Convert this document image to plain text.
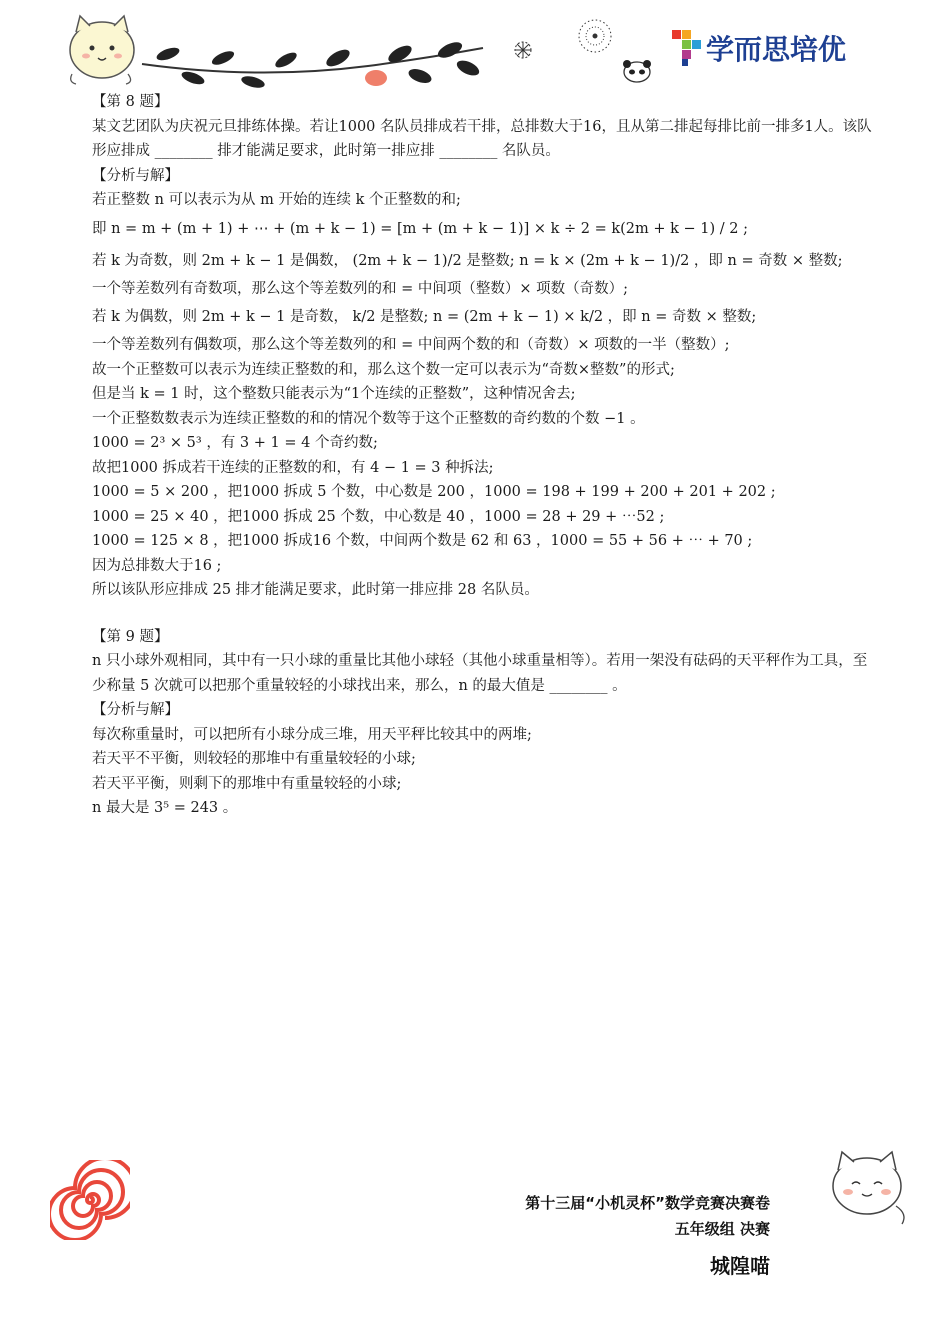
学而思培优

【第 8 题】

某文艺团队为庆祝元旦排练体操。若让1000 名队员排成若干排，总排数大于16，且从第二排起每排比前一排多1人。该队形应排成 ________ 排才能满足要求，此时第一排应排 ________ 名队员。

【分析与解】

若正整数 n 可以表示为从 m 开始的连续 k 个正整数的和;

即 n = m + (m + 1) + ⋯ + (m + k − 1) = [m + (m + k − 1)] × k ÷ 2 = k(2m + k − 1) / 2 ;

若 k 为奇数，则 2m + k − 1 是偶数， (2m + k − 1)/2 是整数; n = k × (2m + k − 1)/2 ，即 n = 奇数 × 整数;

一个等差数列有奇数项，那么这个等差数列的和 = 中间项（整数）× 项数（奇数）;

若 k 为偶数，则 2m + k − 1 是奇数， k/2 是整数; n = (2m + k − 1) × k/2 ，即 n = 奇数 × 整数;

一个等差数列有偶数项，那么这个等差数列的和 = 中间两个数的和（奇数）× 项数的一半（整数）;

故一个正整数可以表示为连续正整数的和，那么这个数一定可以表示为“奇数×整数”的形式;

但是当 k = 1 时，这个整数只能表示为“1个连续的正整数”，这种情况舍去;

一个正整数数表示为连续正整数的和的情况个数等于这个正整数的奇约数的个数 −1 。

1000 = 2³ × 5³ ，有 3 + 1 = 4 个奇约数;

故把1000 拆成若干连续的正整数的和，有 4 − 1 = 3 种拆法;

1000 = 5 × 200 ，把1000 拆成 5 个数，中心数是 200 ，1000 = 198 + 199 + 200 + 201 + 202 ;

1000 = 25 × 40 ，把1000 拆成 25 个数，中心数是 40 ，1000 = 28 + 29 + ⋯52 ;

1000 = 125 × 8 ，把1000 拆成16 个数，中间两个数是 62 和 63 ，1000 = 55 + 56 + ⋯ + 70 ;

因为总排数大于16 ;

所以该队形应排成 25 排才能满足要求，此时第一排应排 28 名队员。

【第 9 题】

n 只小球外观相同，其中有一只小球的重量比其他小球轻（其他小球重量相等）。若用一架没有砝码的天平秤作为工具，至少称量 5 次就可以把那个重量较轻的小球找出来，那么，n 的最大值是 ________ 。

【分析与解】

每次称重量时，可以把所有小球分成三堆，用天平秤比较其中的两堆;

若天平不平衡，则较轻的那堆中有重量较轻的小球;

若天平平衡，则剩下的那堆中有重量较轻的小球;

n 最大是 3⁵ = 243 。

第十三届“小机灵杯”数学竞赛决赛卷
五年级组 决赛
城隍喵
